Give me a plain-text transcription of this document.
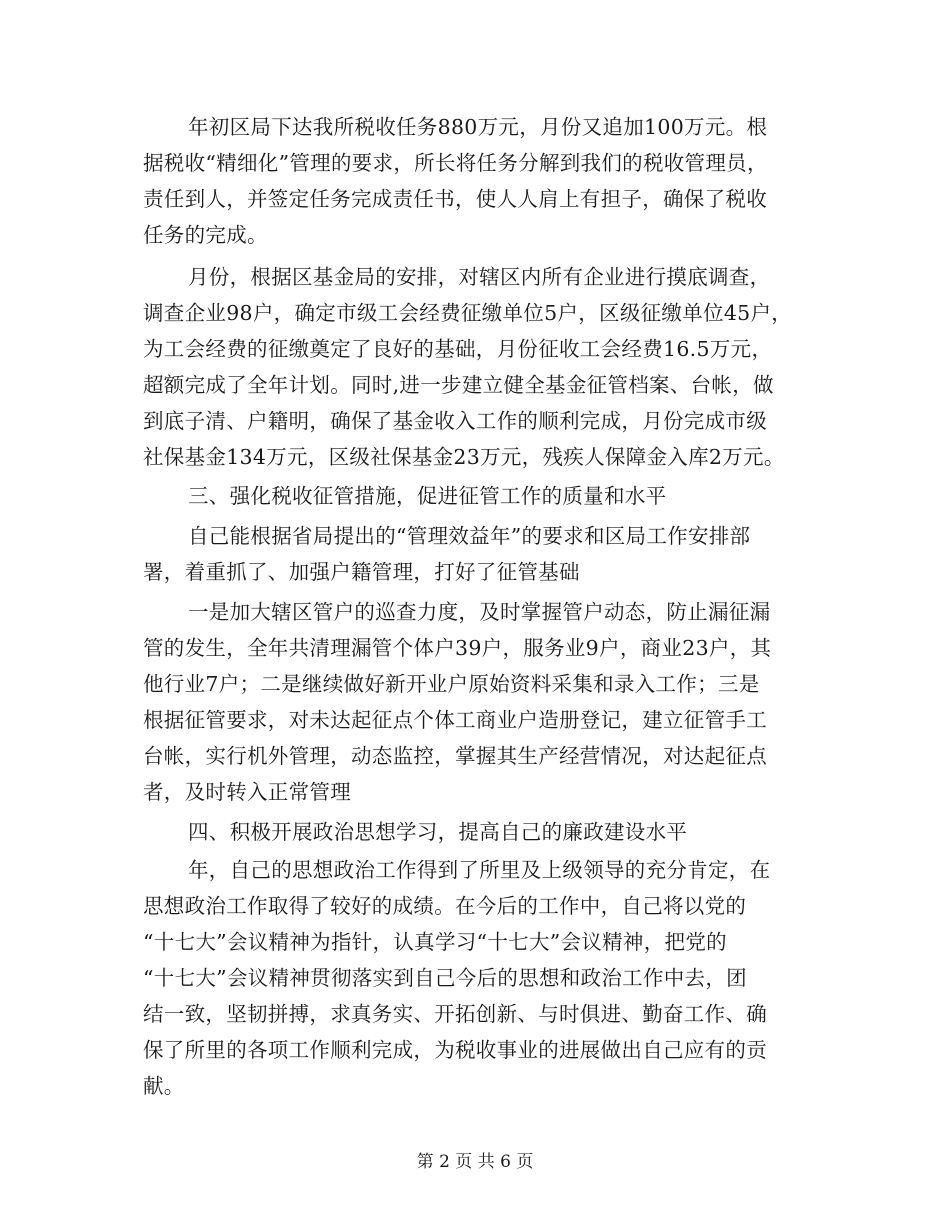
年初区局下达我所税收任务880万元，月份又追加100万元。根
据税收“精细化”管理的要求，所长将任务分解到我们的税收管理员，
责任到人，并签定任务完成责任书，使人人肩上有担子，确保了税收
任务的完成。
月份，根据区基金局的安排，对辖区内所有企业进行摸底调查，
调查企业98户，确定市级工会经费征缴单位5户，区级征缴单位45户，
为工会经费的征缴奠定了良好的基础，月份征收工会经费16.5万元，
超额完成了全年计划。同时,进一步建立健全基金征管档案、台帐，做
到底子清、户籍明，确保了基金收入工作的顺利完成，月份完成市级
社保基金134万元，区级社保基金23万元，残疾人保障金入库2万元。
三、强化税收征管措施，促进征管工作的质量和水平
自己能根据省局提出的“管理效益年”的要求和区局工作安排部
署，着重抓了、加强户籍管理，打好了征管基础
一是加大辖区管户的巡查力度，及时掌握管户动态，防止漏征漏
管的发生，全年共清理漏管个体户39户，服务业9户，商业23户，其
他行业7户；二是继续做好新开业户原始资料采集和录入工作；三是
根据征管要求，对未达起征点个体工商业户造册登记，建立征管手工
台帐，实行机外管理，动态监控，掌握其生产经营情况，对达起征点
者，及时转入正常管理
四、积极开展政治思想学习，提高自己的廉政建设水平
年，自己的思想政治工作得到了所里及上级领导的充分肯定，在
思想政治工作取得了较好的成绩。在今后的工作中，自己将以党的
“十七大”会议精神为指针，认真学习“十七大”会议精神，把党的
“十七大”会议精神贯彻落实到自己今后的思想和政治工作中去，团
结一致，坚韧拼搏，求真务实、开拓创新、与时俱进、勤奋工作、确
保了所里的各项工作顺利完成，为税收事业的进展做出自己应有的贡
献。
第 2 页 共 6 页
